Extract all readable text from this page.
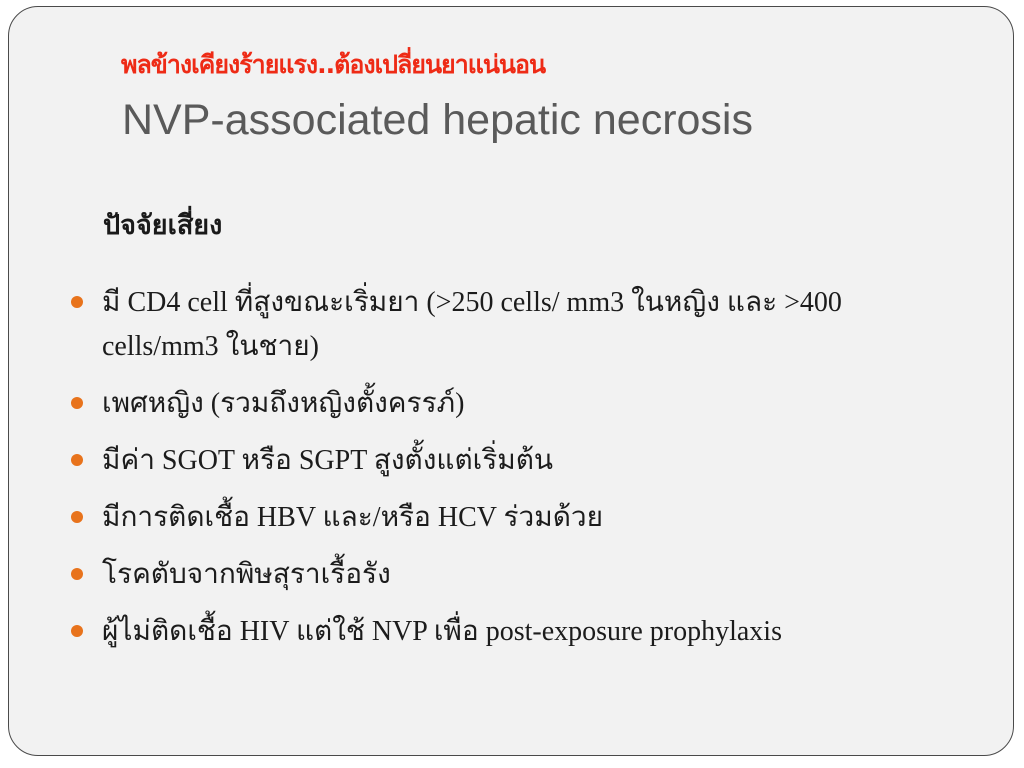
พลข้างเคียงร้ายแรง..ต้องเปลี่ยนยาแน่นอน
NVP-associated hepatic necrosis
ปัจจัยเสี่ยง
มี CD4 cell ที่สูงขณะเริ่มยา (>250 cells/ mm3 ในหญิง และ >400 cells/mm3 ในชาย)
เพศหญิง (รวมถึงหญิงตั้งครรภ์)
มีค่า SGOT หรือ SGPT สูงตั้งแต่เริ่มต้น
มีการติดเชื้อ HBV และ/หรือ HCV ร่วมด้วย
โรคตับจากพิษสุราเรื้อรัง
ผู้ไม่ติดเชื้อ HIV แต่ใช้ NVP เพื่อ post-exposure prophylaxis
